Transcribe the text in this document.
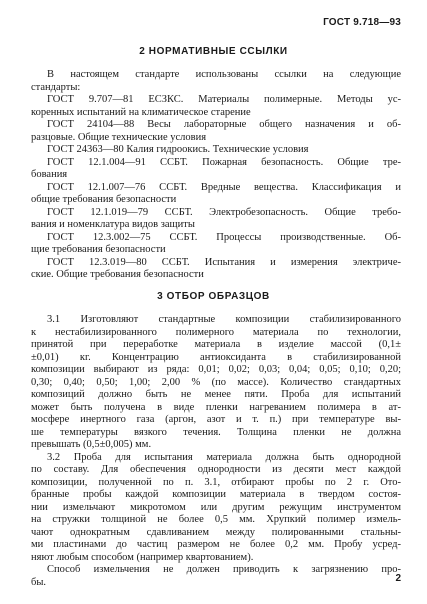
ГОСТ 9.718—93
2 НОРМАТИВНЫЕ ССЫЛКИ
В настоящем стандарте использованы ссылки на следующие
стандарты:
ГОСТ 9.707—81 ЕСЗКС. Материалы полимерные. Методы ус-
коренных испытаний на климатическое старение
ГОСТ 24104—88 Весы лабораторные общего назначения и об-
разцовые. Общие технические условия
ГОСТ 24363—80 Калия гидроокись. Технические условия
ГОСТ 12.1.004—91 ССБТ. Пожарная безопасность. Общие тре-
бования
ГОСТ 12.1.007—76 ССБТ. Вредные вещества. Классификация и
общие требования безопасности
ГОСТ 12.1.019—79 ССБТ. Электробезопасность. Общие требо-
вания и номенклатура видов защиты
ГОСТ 12.3.002—75 ССБТ. Процессы производственные. Об-
щие требования безопасности
ГОСТ 12.3.019—80 ССБТ. Испытания и измерения электриче-
ские. Общие требования безопасности
3 ОТБОР ОБРАЗЦОВ
3.1 Изготовляют стандартные композиции стабилизированного
к нестабилизированного полимерного материала по технологии,
принятой при переработке материала в изделие массой (0,1±
±0,01) кг. Концентрацию антиоксиданта в стабилизированной
композиции выбирают из ряда: 0,01; 0,02; 0,03; 0,04; 0,05; 0,10; 0,20;
0,30; 0,40; 0,50; 1,00; 2,00 % (по массе). Количество стандартных
композиций должно быть не менее пяти. Проба для испытаний
может быть получена в виде пленки нагреванием полимера в ат-
мосфере инертного газа (аргон, азот и т. п.) при температуре вы-
ше температуры вязкого течения. Толщина пленки не должна
превышать (0,5±0,005) мм.
3.2 Проба для испытания материала должна быть однородной
по составу. Для обеспечения однородности из десяти мест каждой
композиции, полученной по п. 3.1, отбирают пробы по 2 г. Ото-
бранные пробы каждой композиции материала в твердом состоя-
нии измельчают микротомом или другим режущим инструментом
на стружки толщиной не более 0,5 мм. Хрупкий полимер измель-
чают однократным сдавливанием между полированными стальны-
ми пластинами до частиц размером не более 0,2 мм. Пробу усред-
няют любым способом (например квартованием).
Способ измельчения не должен приводить к загрязнению про-
бы.	2
